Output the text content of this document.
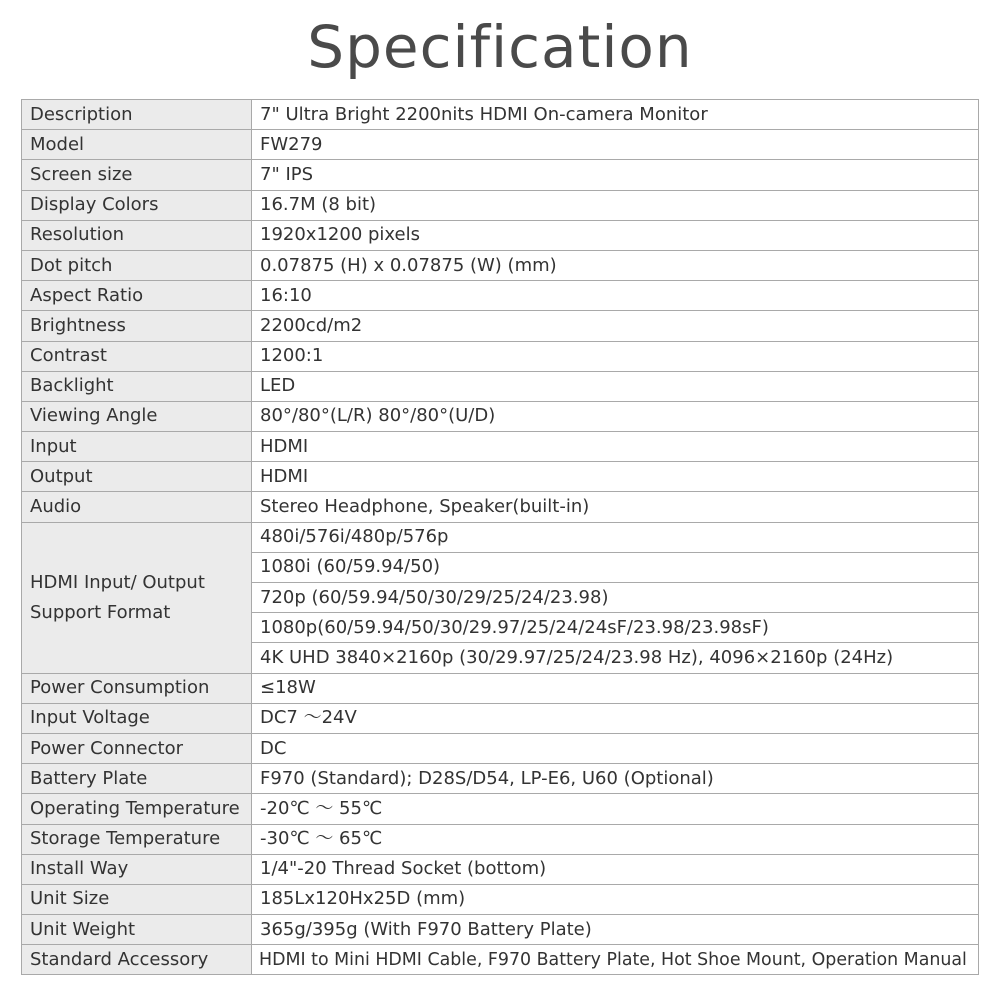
Specification
Description	7" Ultra Bright 2200nits HDMI On-camera Monitor
Model	FW279
Screen size	7" IPS
Display Colors	16.7M (8 bit)
Resolution	1920x1200 pixels
Dot pitch	0.07875 (H) x 0.07875 (W) (mm)
Aspect Ratio	16:10
Brightness	2200cd/m2
Contrast	1200:1
Backlight	LED
Viewing Angle	80°/80°(L/R) 80°/80°(U/D)
Input	HDMI
Output	HDMI
Audio	Stereo Headphone, Speaker(built-in)

HDMI Input/ Output
Support Format	480i/576i/480p/576p
	1080i (60/59.94/50)
	720p (60/59.94/50/30/29/25/24/23.98)
	1080p(60/59.94/50/30/29.97/25/24/24sF/23.98/23.98sF)
	4K UHD 3840×2160p (30/29.97/25/24/23.98 Hz), 4096×2160p (24Hz)
Power Consumption	≤18W
Input Voltage	DC7 ～24V
Power Connector	DC
Battery Plate	F970 (Standard); D28S/D54, LP-E6, U60 (Optional)
Operating Temperature	-20℃ ～ 55℃
Storage Temperature	-30℃ ～ 65℃
Install Way	1/4"-20 Thread Socket (bottom)
Unit Size	185Lx120Hx25D (mm)
Unit Weight	365g/395g (With F970 Battery Plate)
Standard Accessory	HDMI to Mini HDMI Cable, F970 Battery Plate, Hot Shoe Mount, Operation Manual
